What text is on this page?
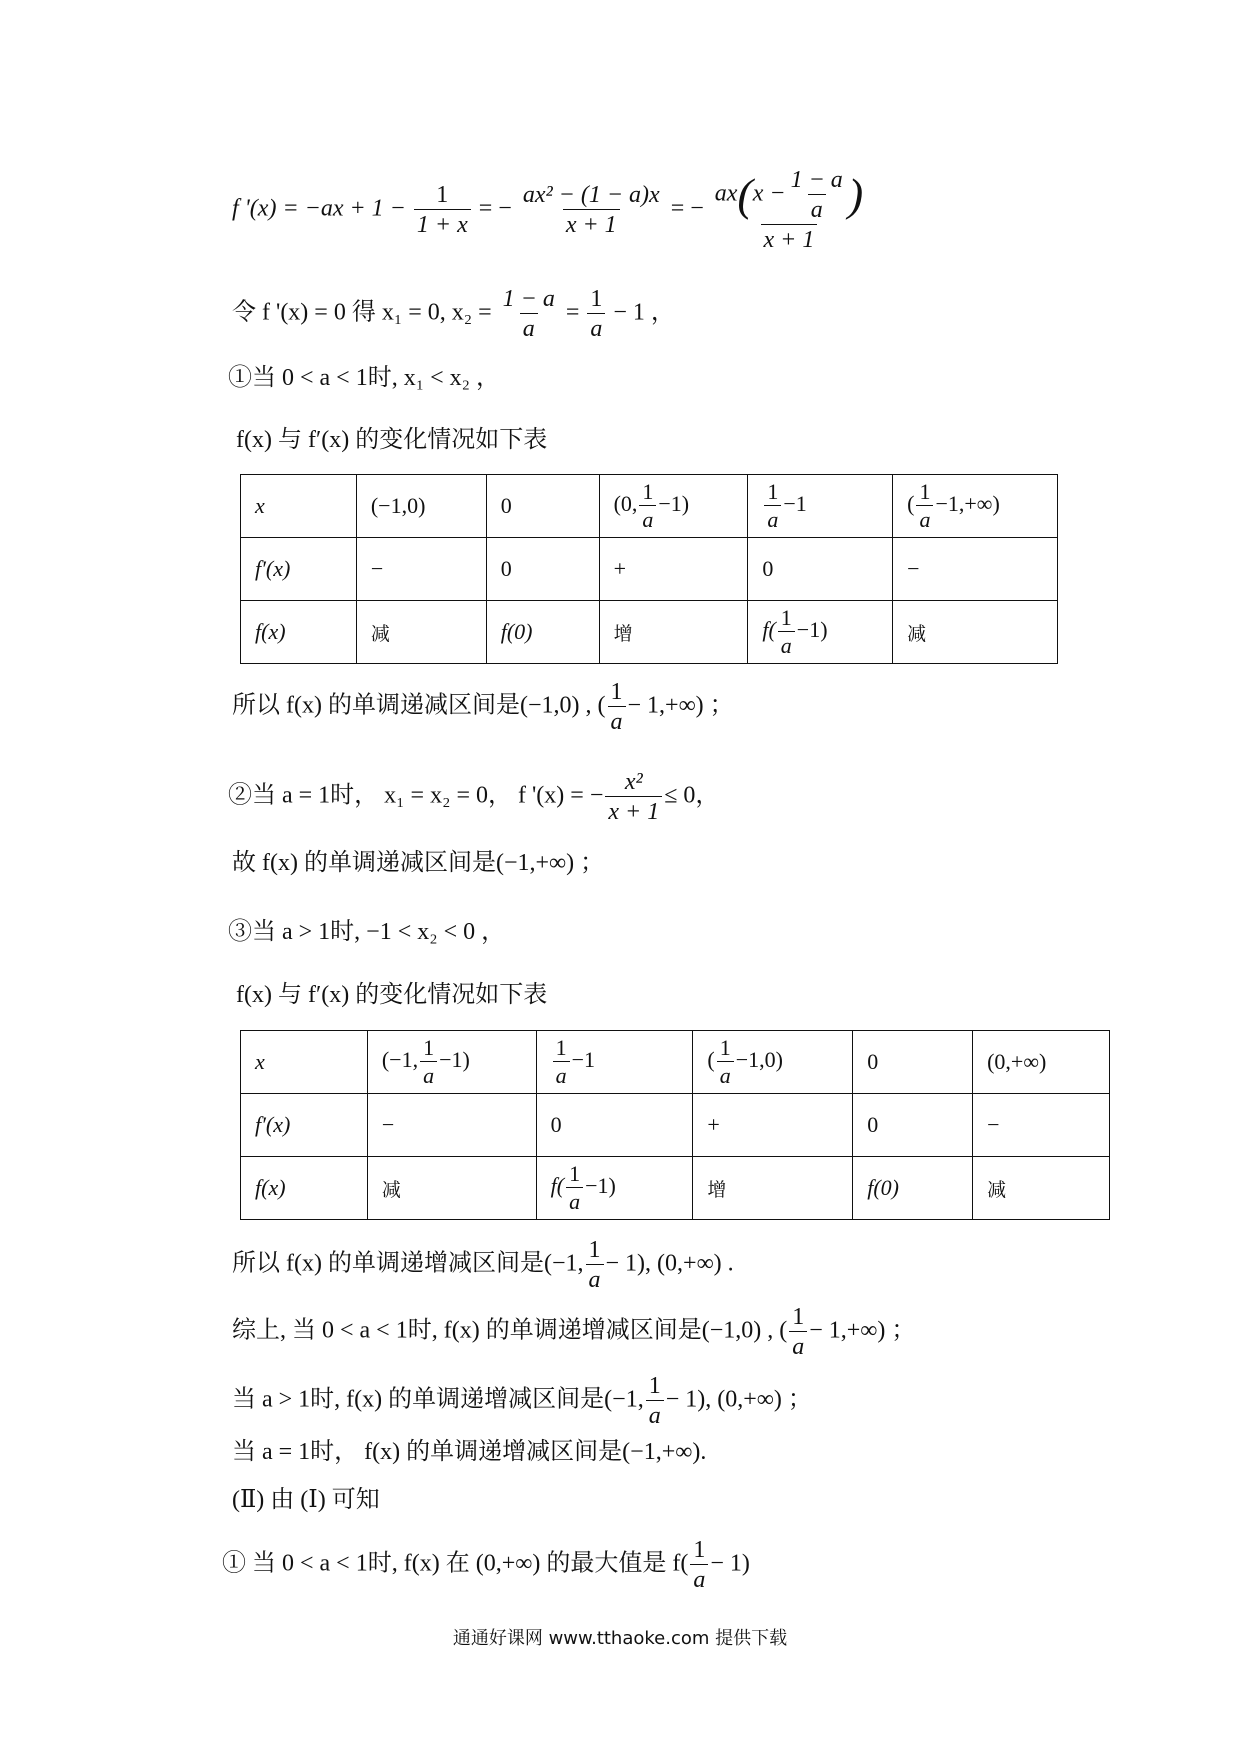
f '$(x) = -ax + 1 - \frac{1}{1 + x}$ = − $\frac{\text{ax² − (1 − a)x}}{x + 1}$ = − $\frac{ax(x - \frac{1 - a}{a} )}{x + 1}$
令 f '(x) = 0 得 x₁ = 0, $x_2 = \frac{1 - a}{a} = \frac{1}{a} - 1$ ，
①当 0 < a < 1时, x₁ < x₂ ，
f(x) 与 f′(x) 的变化情况如下表
x	(−1,0)	0	(0, $\frac{1}{a} -1$)	$\frac{1}{a} -1$	( $\frac{1}{a} -1,+\infty$)
f′(x)	−	0	+	0	−
f(x)	减	f(0)	增	$f( \frac{1}{a} -1)$	减
所以 f(x) 的单调递减区间是(−1,0) , ( $\frac{1}{a} - 1,+\infty$) ；
②当 a = 1时， x₁ = x₂ = 0， f '(x) = − $\frac{\text{x²}}{x + 1} \le 0$，
故 f(x) 的单调递减区间是(−1,+∞) ；
③当 a > 1时, −1 < x₂ < 0 ，
f(x) 与 f′(x) 的变化情况如下表
x	(−1, $\frac{1}{a} -1$)	$\frac{1}{a} -1$	( $\frac{1}{a} -1,0$)	0	(0,+∞)
f′(x)	−	0	+	0	−
f(x)	减	$f( \frac{1}{a} -1)$	增	f(0)	减
所以 f(x) 的单调递增减区间是(−1, $\frac{1}{a} - 1$), (0,+∞) .
综上, 当 0 < a < 1时, f(x) 的单调递增减区间是(−1,0) , ( $\frac{1}{a} - 1,+\infty$) ；
当 a > 1时, f(x) 的单调递增减区间是(−1, $\frac{1}{a} - 1$), (0,+∞) ；
当 a = 1时， f(x) 的单调递增减区间是(−1,+∞).
(Ⅱ) 由 (Ⅰ) 可知
① 当 0 < a < 1时, f(x) 在 (0,+∞) 的最大值是 $f( \frac{1}{a} - 1)$
通通好课网 www.tthaoke.com 提供下载
